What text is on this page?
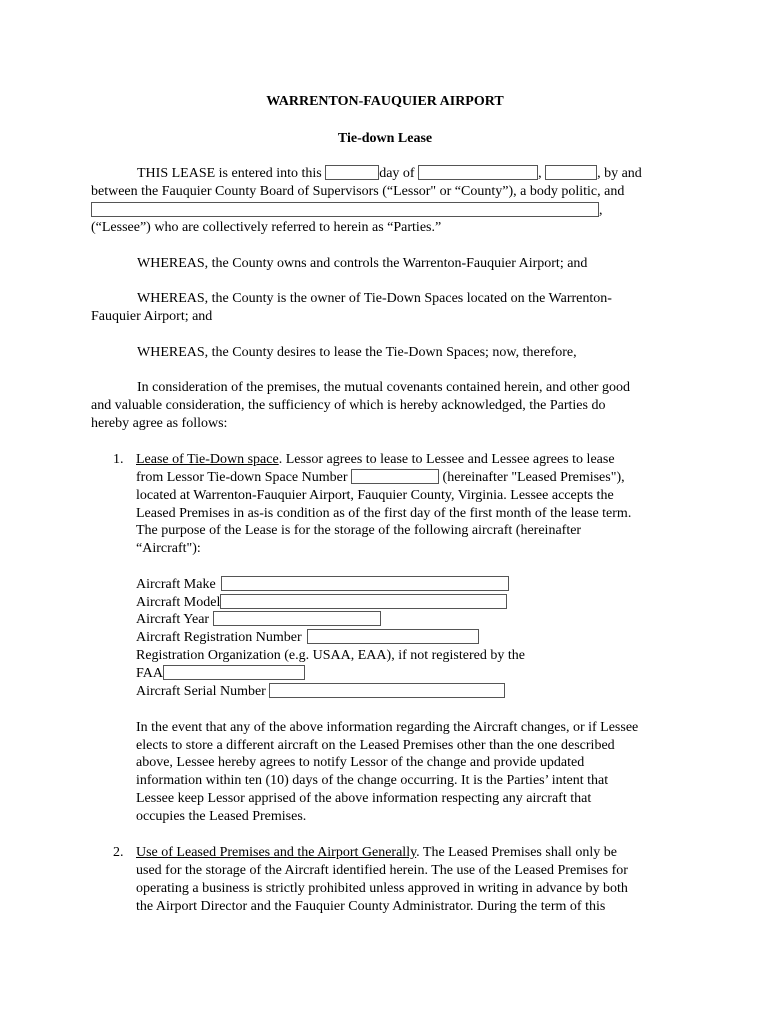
WARRENTON-FAUQUIER AIRPORT
Tie-down Lease
THIS LEASE is entered into this	day of	,	, by and
between the Fauquier County Board of Supervisors (“Lessor" or “County”), a body politic, and
,
(“Lessee”) who are collectively referred to herein as “Parties.”
WHEREAS, the County owns and controls the Warrenton-Fauquier Airport; and
WHEREAS, the County is the owner of Tie-Down Spaces located on the Warrenton-
Fauquier Airport; and
WHEREAS, the County desires to lease the Tie-Down Spaces; now, therefore,
In consideration of the premises, the mutual covenants contained herein, and other good
and valuable consideration, the sufficiency of which is hereby acknowledged, the Parties do
hereby agree as follows:
1. Lease of Tie-Down space. Lessor agrees to lease to Lessee and Lessee agrees to lease
from Lessor Tie-down Space Number	(hereinafter "Leased Premises"),
located at Warrenton-Fauquier Airport, Fauquier County, Virginia. Lessee accepts the
Leased Premises in as-is condition as of the first day of the first month of the lease term.
The purpose of the Lease is for the storage of the following aircraft (hereinafter
“Aircraft"):
Aircraft Make
Aircraft Model
Aircraft Year
Aircraft Registration Number
Registration Organization (e.g. USAA, EAA), if not registered by the
FAA
Aircraft Serial Number
In the event that any of the above information regarding the Aircraft changes, or if Lessee
elects to store a different aircraft on the Leased Premises other than the one described
above, Lessee hereby agrees to notify Lessor of the change and provide updated
information within ten (10) days of the change occurring. It is the Parties’ intent that
Lessee keep Lessor apprised of the above information respecting any aircraft that
occupies the Leased Premises.
2. Use of Leased Premises and the Airport Generally. The Leased Premises shall only be
used for the storage of the Aircraft identified herein. The use of the Leased Premises for
operating a business is strictly prohibited unless approved in writing in advance by both
the Airport Director and the Fauquier County Administrator. During the term of this
